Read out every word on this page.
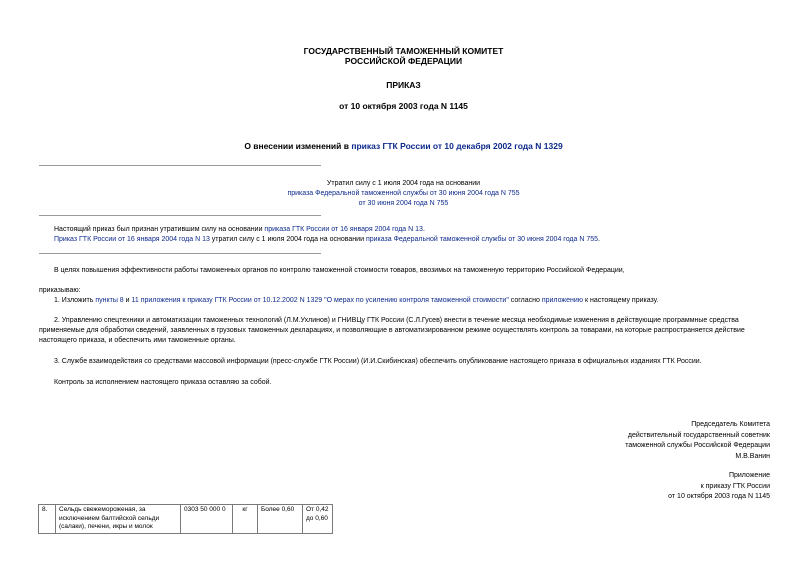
ГОСУДАРСТВЕННЫЙ ТАМОЖЕННЫЙ КОМИТЕТ
РОССИЙСКОЙ ФЕДЕРАЦИИ
ПРИКАЗ
от 10 октября 2003 года N 1145
О внесении изменений в приказ ГТК России от 10 декабря 2002 года N 1329
Утратил силу с 1 июля 2004 года на основании
приказа Федеральной таможенной службы от 30 июня 2004 года N 755
от 30 июня 2004 года N 755
Настоящий приказ был признан утратившим силу на основании приказа ГТК России от 16 января 2004 года N 13.
Приказ ГТК России от 16 января 2004 года N 13 утратил силу с 1 июля 2004 года на основании приказа Федеральной таможенной службы от 30 июня 2004 года N 755.
В целях повышения эффективности работы таможенных органов по контролю таможенной стоимости товаров, ввозимых на таможенную территорию Российской Федерации,
приказываю:
1. Изложить пункты 8 и 11 приложения к приказу ГТК России от 10.12.2002 N 1329 "О мерах по усилению контроля таможенной стоимости" согласно приложению к настоящему приказу.
2. Управлению спецтехники и автоматизации таможенных технологий (Л.М.Ухлинов) и ГНИВЦу ГТК России (С.Л.Гусев) внести в течение месяца необходимые изменения в действующие программные средства применяемые для обработки сведений, заявленных в грузовых таможенных декларациях, и позволяющие в автоматизированном режиме осуществлять контроль за товарами, на которые распространяется действие настоящего приказа, и обеспечить ими таможенные органы.
3. Службе взаимодействия со средствами массовой информации (пресс-службе ГТК России) (И.И.Скибинская) обеспечить опубликование настоящего приказа в официальных изданиях ГТК России.
Контроль за исполнением настоящего приказа оставляю за собой.
Председатель Комитета
действительный государственный советник
таможенной службы Российской Федерации
М.В.Ванин
Приложение
к приказу ГТК России
от 10 октября 2003 года N 1145
8.	Сельдь свежемороженая, за исключением балтийской сельди (салаки), печени, икры и молок	0303 50 000 0	кг	Более 0,60	От 0,42 до 0,60
